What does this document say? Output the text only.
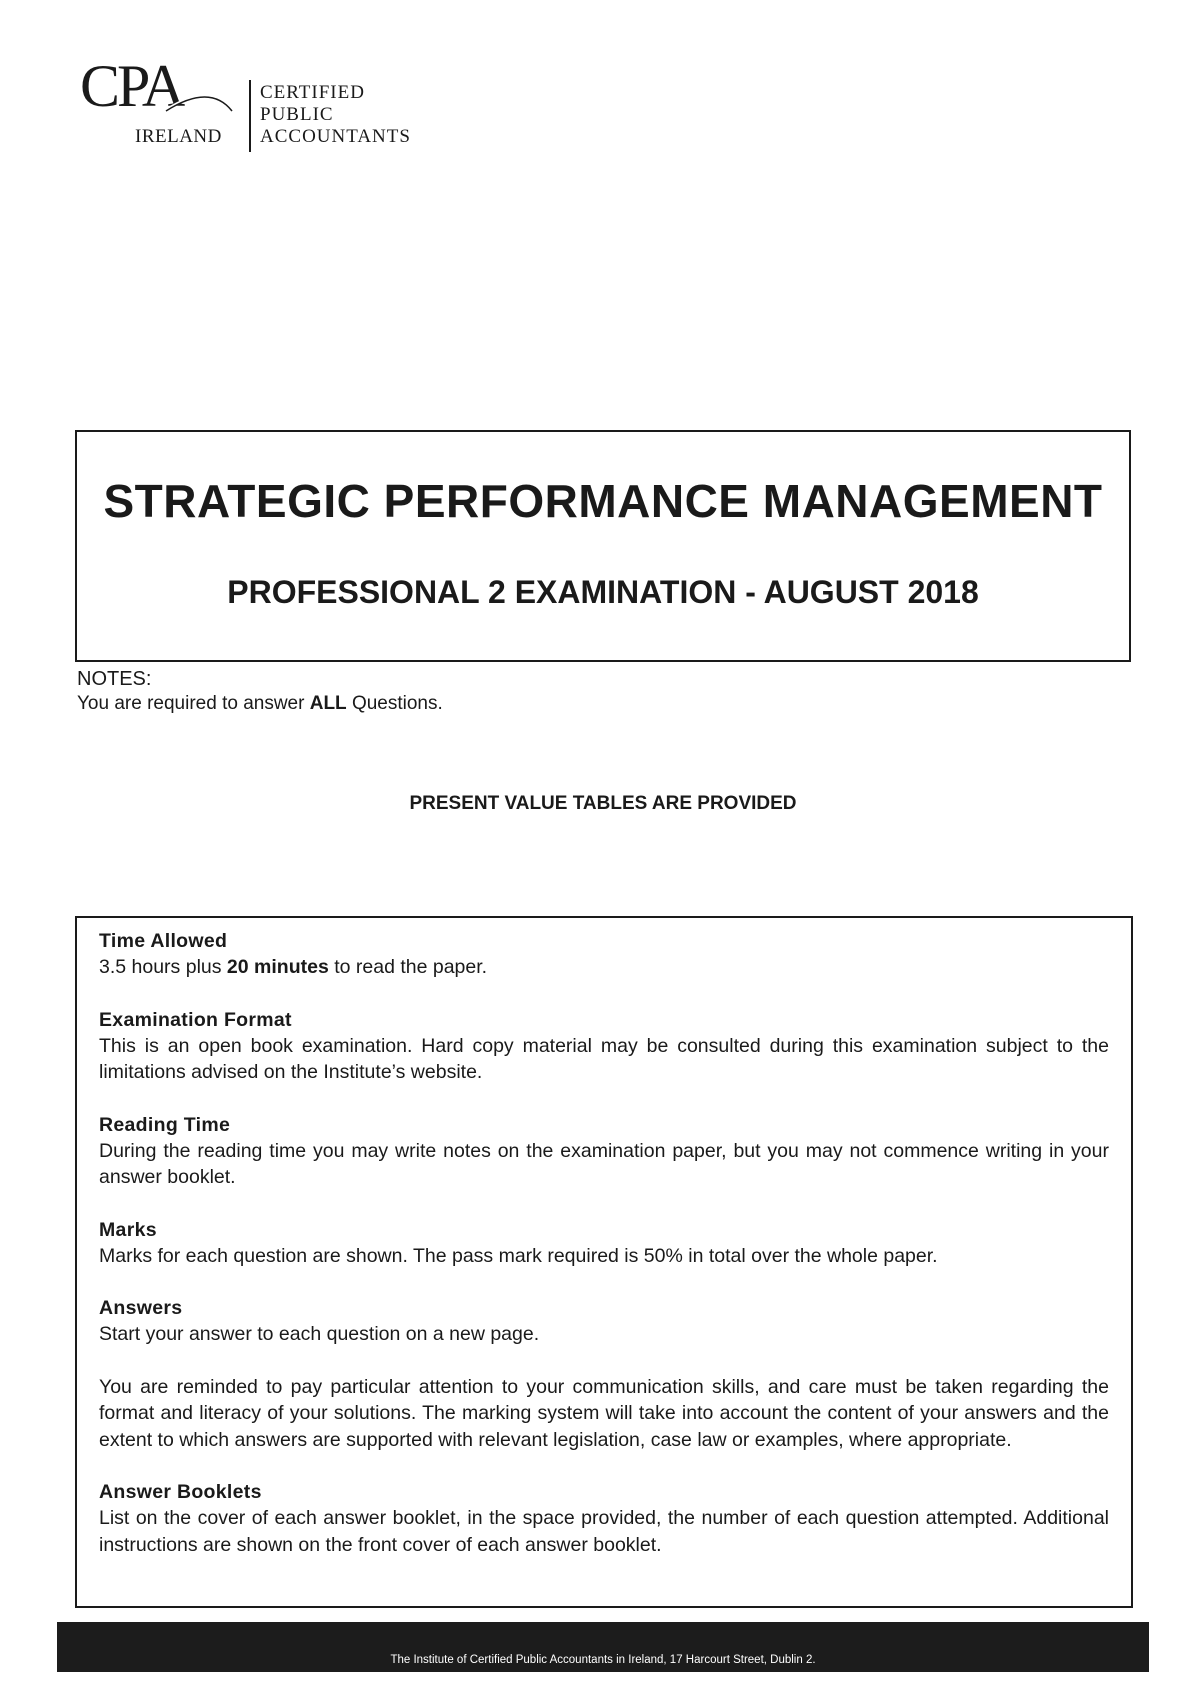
CPA
IRELAND
CERTIFIED
PUBLIC
ACCOUNTANTS
STRATEGIC PERFORMANCE MANAGEMENT
PROFESSIONAL 2 EXAMINATION - AUGUST 2018
NOTES:
You are required to answer ALL Questions.
PRESENT VALUE TABLES ARE PROVIDED
Time Allowed
3.5 hours plus 20 minutes to read the paper.
Examination Format
This is an open book examination. Hard copy material may be consulted during this examination subject to the limitations advised on the Institute’s website.
Reading Time
During the reading time you may write notes on the examination paper, but you may not commence writing in your answer booklet.
Marks
Marks for each question are shown. The pass mark required is 50% in total over the whole paper.
Answers
Start your answer to each question on a new page.
You are reminded to pay particular attention to your communication skills, and care must be taken regarding the format and literacy of your solutions. The marking system will take into account the content of your answers and the extent to which answers are supported with relevant legislation, case law or examples, where appropriate.
Answer Booklets
List on the cover of each answer booklet, in the space provided, the number of each question attempted. Additional instructions are shown on the front cover of each answer booklet.
The Institute of Certified Public Accountants in Ireland, 17 Harcourt Street, Dublin 2.
